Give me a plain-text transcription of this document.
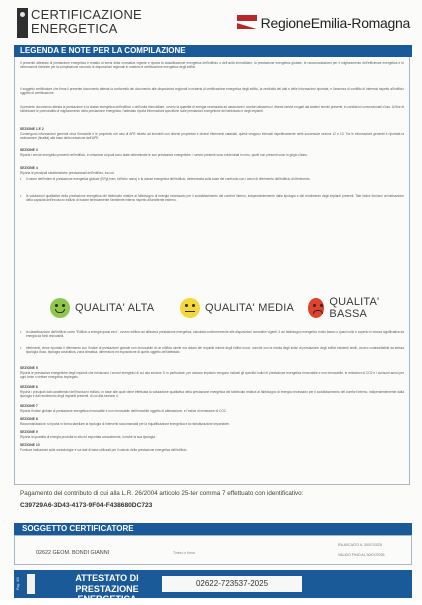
CERTIFICAZIONE
ENERGETICA	RegioneEmilia-Romagna
LEGENDA E NOTE PER LA COMPILAZIONE
Il presente attestato di prestazione energetica è redatto ai sensi della normativa vigente e riporta la classificazione energetica dell'edificio o dell'unità immobiliare, la prestazione energetica globale, le raccomandazioni per il miglioramento dell'efficienza energetica e le informazioni richieste per la compilazione secondo le disposizioni regionali in materia di certificazione energetica degli edifici.
Il soggetto certificatore che firma il presente documento attesta la conformità del documento alle disposizioni regionali in materia di certificazione energetica degli edifici, la veridicità dei dati e delle informazioni riportate, e l'assenza di conflitto di interessi rispetto all'edificio oggetto di certificazione.
Il presente documento attesta la prestazione e la classe energetica dell'edificio o dell'unità immobiliare, ovvero la quantità di energia necessaria ad assicurare il comfort attraverso i diversi servizi erogati dai sistemi tecnici presenti, in condizioni convenzionali d'uso. Al fine di individuare le potenzialità di miglioramento della prestazione energetica, l'attestato riporta informazioni specifiche sulle prestazioni energetiche del fabbricato e degli impianti.
SEZIONE 1 E 2
Contengono informazioni generali circa l'immobile e le proprietà: nei casi di APE relativi ad immobili con diversi proprietari e diversi riferimenti catastali, questi vengono elencati rispettivamente nelle successive sezioni 12 e 13. Tra le informazioni generali è riportata la motivazione (finalità) alla base della redazione dell'APE.
SEZIONE 3
Riporta i servizi energetici presenti nell'edificio, in relazione ai quali sono state determinate le sue prestazioni energetiche. I servizi presenti sono evidenziati in nero, quelli non presenti sono in grigio chiaro.
SEZIONE 4
Riporta le principali caratteristiche prestazionali dell'edificio, tra cui:
•	il valore dell'indice di prestazione energetica globale (EPgl,nren, kWh/m² anno) e la classe energetica dell'edificio, determinata sulla base del confronto con i valori di riferimento dell'edificio di riferimento.
•	le valutazioni qualitative della prestazione energetica del fabbricato relative al fabbisogno di energia necessario per il soddisfacimento del comfort interno, indipendentemente dalla tipologia e dal rendimento degli impianti presenti. Tale indice fornisce un'indicazione della capacità dell'involucro edilizio di isolare termicamente l'ambiente interno rispetto all'ambiente esterno.
QUALITA' ALTA	QUALITA' MEDIA	QUALITA' BASSA
•	la classificazione dell'edificio come "Edificio a energia quasi zero", ovvero edificio ad altissima prestazione energetica, calcolata conformemente alle disposizioni normative vigenti, il cui fabbisogno energetico molto basso o quasi nullo è coperto in misura significativa da energia da fonti rinnovabili.
•	riferimenti, viene riportato il riferimento con l'indice di prestazione globale non rinnovabile di un edificio simile ma dotato dei requisiti minimi degli edifici nuovi, nonché con la media degli indici di prestazione degli edifici esistenti simili, ovvero contraddistinti da stessa tipologia d'uso, tipologia costruttiva, zona climatica, dimensioni ed esposizione di quello oggetto dell'attestato.
SEZIONE 5
Riporta le prestazioni energetiche degli impianti che forniscono i servizi energetici di cui alla sezione 3: in particolare, per ciascun impianto vengono indicati gli specifici indici di prestazione energetica rinnovabile e non rinnovabile, le emissioni di CO2 e i consumi annui per ogni fonte o vettore energetico impiegato.
SEZIONE 6
Riporta i principali dati caratteristici dell'involucro edilizio, in base alle quali viene effettuata la valutazione qualitativa della prestazione energetica del fabbricato relativa al fabbisogno di energia necessario per il soddisfacimento del comfort interno, indipendentemente dalla tipologia e dal rendimento degli impianti presenti, di cui alla sezione 4.
SEZIONE 7
Riporta l'indice globale di prestazione energetica rinnovabile e non rinnovabile dell'immobile oggetto di attestazione, e l'indice di emissione di CO2.
SEZIONE 8
Raccomandazioni: si riporta in forma tabellare la tipologia di interventi raccomandati per la riqualificazione energetica e la ristrutturazione importante.
SEZIONE 9
Riporta la quantità di energia prodotta in situ ed esportata annualmente, nonché la sua tipologia.
SEZIONE 10
Fornisce indicazioni sulle metodologie e sui dati di base utilizzati per il calcolo della prestazione energetica dell'edificio.
Pagamento del contributo di cui alla L.R. 26/2004 articolo 25-ter comma 7 effettuato con identificativo:
C39729A6-3D43-4173-9F04-F438680DC723
SOGGETTO CERTIFICATORE
02622 GEOM. BONDI GIANNI	Timbro e firma
RILASCIATO IL 30/07/2025
VALIDO FINO AL 30/07/2035
Pag. 4/4	ATTESTATO DI
PRESTAZIONE ENERGETICA
02622-723537-2025
